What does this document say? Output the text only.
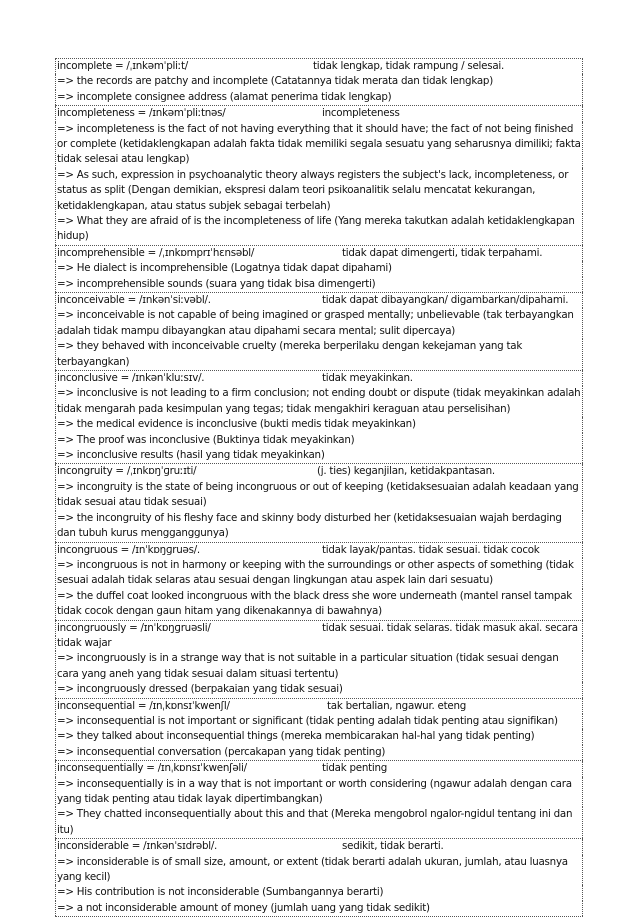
incomplete = /ˌɪnkəmˈpliːt/	tidak lengkap, tidak rampung / selesai.
=> the records are patchy and incomplete (Catatannya tidak merata dan tidak lengkap)
=> incomplete consignee address (alamat penerima tidak lengkap)
incompleteness = /ɪnkəmˈpliːtnəs/	incompleteness
=> incompleteness is the fact of not having everything that it should have; the fact of not being finished or complete (ketidaklengkapan adalah fakta tidak memiliki segala sesuatu yang seharusnya dimiliki; fakta tidak selesai atau lengkap)
=> As such, expression in psychoanalytic theory always registers the subject's lack, incompleteness, or status as split (Dengan demikian, ekspresi dalam teori psikoanalitik selalu mencatat kekurangan, ketidaklengkapan, atau status subjek sebagai terbelah)
=> What they are afraid of is the incompleteness of life (Yang mereka takutkan adalah ketidaklengkapan hidup)
incomprehensible = /ˌɪnkɒmprɪˈhɛnsəbl/	tidak dapat dimengerti, tidak terpahami.
=> He dialect is incomprehensible (Logatnya tidak dapat dipahami)
=> incomprehensible sounds (suara yang tidak bisa dimengerti)
inconceivable = /ɪnkənˈsiːvəbl/.	tidak dapat dibayangkan/ digambarkan/dipahami.
=> inconceivable is not capable of being imagined or grasped mentally; unbelievable (tak terbayangkan adalah tidak mampu dibayangkan atau dipahami secara mental; sulit dipercaya)
=> they behaved with inconceivable cruelty (mereka berperilaku dengan kekejaman yang tak terbayangkan)
inconclusive = /ɪnkənˈkluːsɪv/.	tidak meyakinkan.
=> inconclusive is not leading to a firm conclusion; not ending doubt or dispute (tidak meyakinkan adalah tidak mengarah pada kesimpulan yang tegas; tidak mengakhiri keraguan atau perselisihan)
=> the medical evidence is inconclusive (bukti medis tidak meyakinkan)
=> The proof was inconclusive (Buktinya tidak meyakinkan)
=> inconclusive results (hasil yang tidak meyakinkan)
incongruity = /ˌɪnkɒŋˈɡruːɪti/	(j. ties) keganjilan, ketidakpantasan.
=> incongruity is the state of being incongruous or out of keeping (ketidaksesuaian adalah keadaan yang tidak sesuai atau tidak sesuai)
=> the incongruity of his fleshy face and skinny body disturbed her (ketidaksesuaian wajah berdaging dan tubuh kurus mengganggunya)
incongruous = /ɪnˈkɒŋɡruəs/.	tidak layak/pantas. tidak sesuai. tidak cocok
=> incongruous is not in harmony or keeping with the surroundings or other aspects of something (tidak sesuai adalah tidak selaras atau sesuai dengan lingkungan atau aspek lain dari sesuatu)
=> the duffel coat looked incongruous with the black dress she wore underneath (mantel ransel tampak tidak cocok dengan gaun hitam yang dikenakannya di bawahnya)
incongruously = /ɪnˈkɒŋɡruəsli/	tidak sesuai. tidak selaras. tidak masuk akal. secara
tidak wajar
=> incongruously is in a strange way that is not suitable in a particular situation (tidak sesuai dengan cara yang aneh yang tidak sesuai dalam situasi tertentu)
=> incongruously dressed (berpakaian yang tidak sesuai)
inconsequential = /ɪnˌkɒnsɪˈkwenʃl/	tak bertalian, ngawur. eteng
=> inconsequential is not important or significant (tidak penting adalah tidak penting atau signifikan)
=> they talked about inconsequential things (mereka membicarakan hal-hal yang tidak penting)
=> inconsequential conversation (percakapan yang tidak penting)
inconsequentially = /ɪnˌkɒnsɪˈkwenʃəli/	tidak penting
=> inconsequentially is in a way that is not important or worth considering (ngawur adalah dengan cara yang tidak penting atau tidak layak dipertimbangkan)
=> They chatted inconsequentially about this and that (Mereka mengobrol ngalor-ngidul tentang ini dan itu)
inconsiderable = /ɪnkənˈsɪdrəbl/.	sedikit, tidak berarti.
=> inconsiderable is of small size, amount, or extent (tidak berarti adalah ukuran, jumlah, atau luasnya yang kecil)
=> His contribution is not inconsiderable (Sumbangannya berarti)
=> a not inconsiderable amount of money (jumlah uang yang tidak sedikit)
